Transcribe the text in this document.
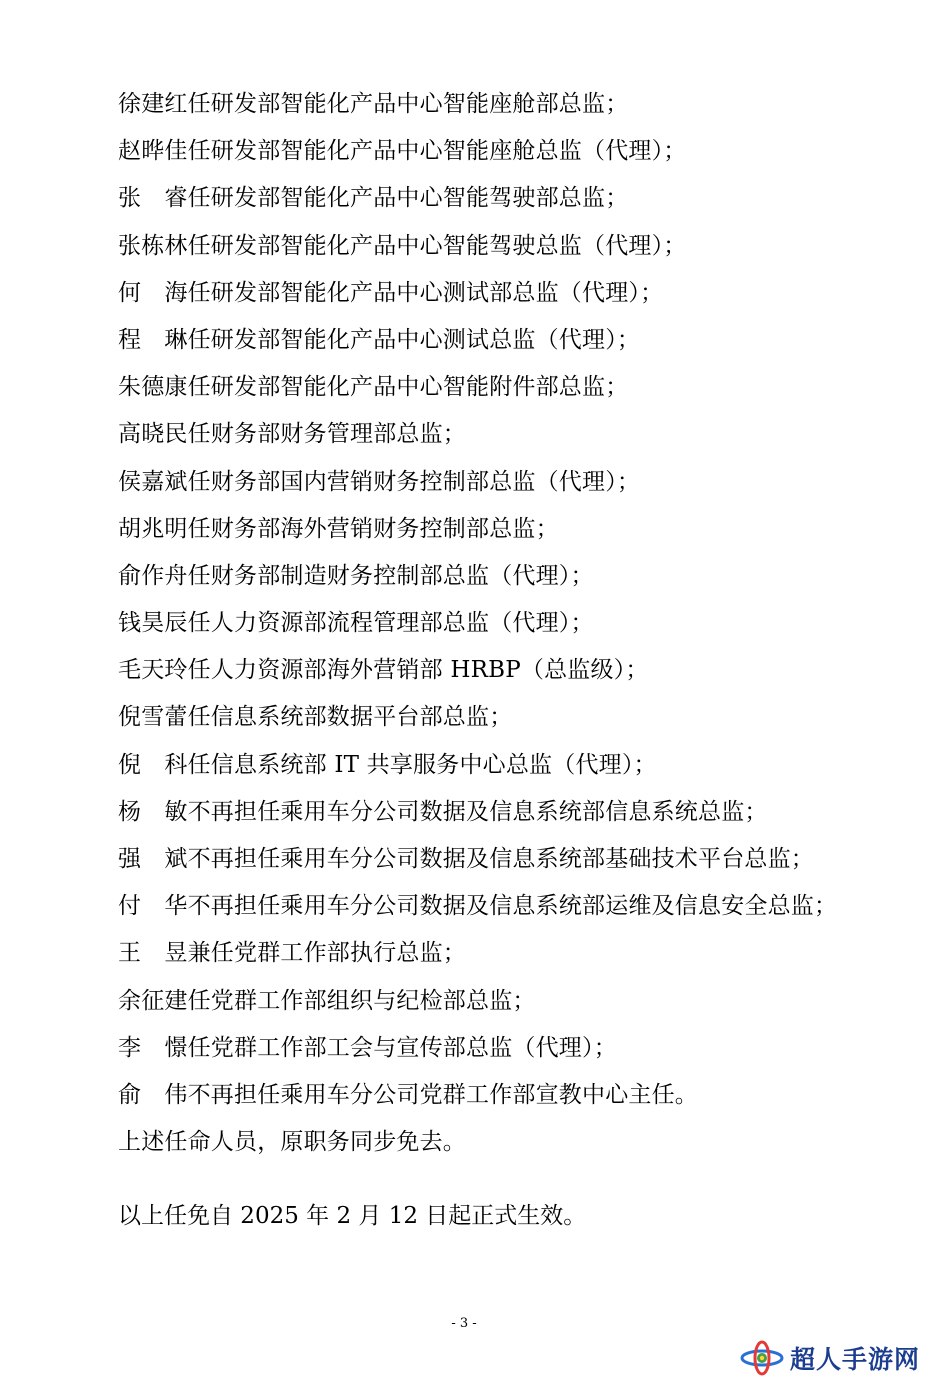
徐建红任研发部智能化产品中心智能座舱部总监；
赵晔佳任研发部智能化产品中心智能座舱总监（代理）；
张　睿任研发部智能化产品中心智能驾驶部总监；
张栋林任研发部智能化产品中心智能驾驶总监（代理）；
何　海任研发部智能化产品中心测试部总监（代理）；
程　琳任研发部智能化产品中心测试总监（代理）；
朱德康任研发部智能化产品中心智能附件部总监；
高晓民任财务部财务管理部总监；
侯嘉斌任财务部国内营销财务控制部总监（代理）；
胡兆明任财务部海外营销财务控制部总监；
俞作舟任财务部制造财务控制部总监（代理）；
钱昊辰任人力资源部流程管理部总监（代理）；
毛天玲任人力资源部海外营销部 HRBP（总监级）；
倪雪蕾任信息系统部数据平台部总监；
倪　科任信息系统部 IT 共享服务中心总监（代理）；
杨　敏不再担任乘用车分公司数据及信息系统部信息系统总监；
强　斌不再担任乘用车分公司数据及信息系统部基础技术平台总监；
付　华不再担任乘用车分公司数据及信息系统部运维及信息安全总监；
王　昱兼任党群工作部执行总监；
余征建任党群工作部组织与纪检部总监；
李　憬任党群工作部工会与宣传部总监（代理）；
俞　伟不再担任乘用车分公司党群工作部宣教中心主任。
上述任命人员，原职务同步免去。
以上任免自 2025 年 2 月 12 日起正式生效。
- 3 -
超人手游网
